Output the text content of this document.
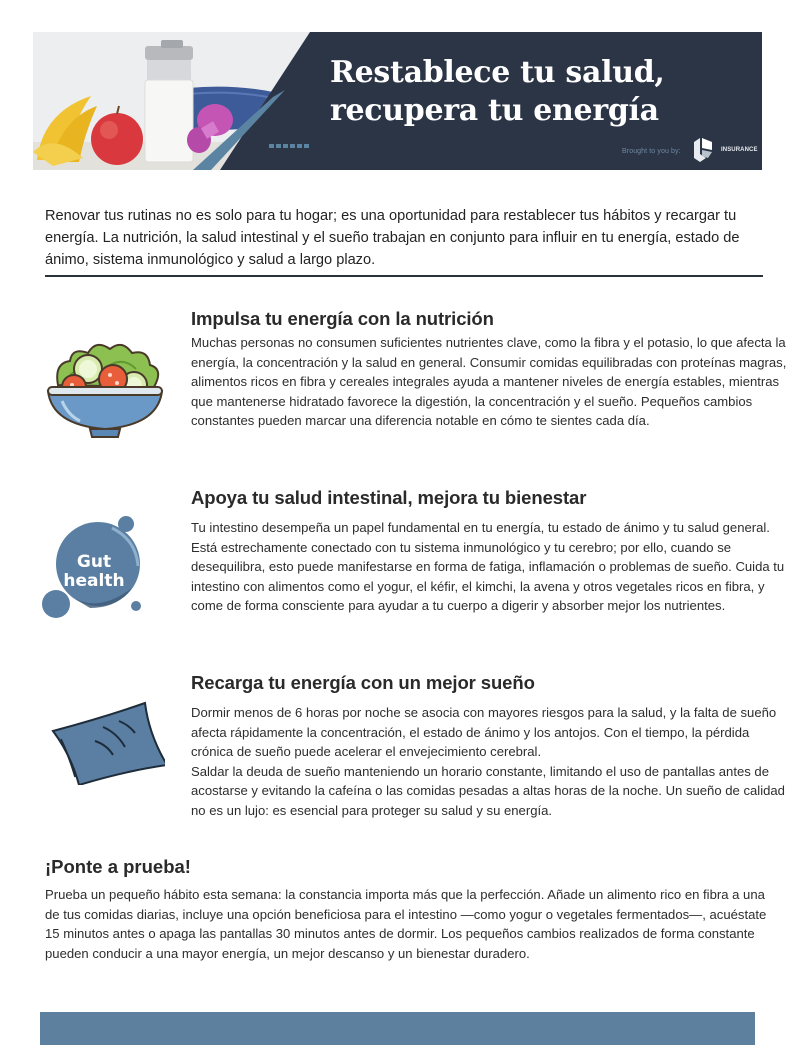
Restablece tu salud,
recupera tu energía
Brought to you by:	INSURANCE

Renovar tus rutinas no es solo para tu hogar; es una oportunidad para restablecer tus hábitos y recargar tu energía. La nutrición, la salud intestinal y el sueño trabajan en conjunto para influir en tu energía, estado de ánimo, sistema inmunológico y salud a largo plazo.

Impulsa tu energía con la nutrición

Muchas personas no consumen suficientes nutrientes clave, como la fibra y el potasio, lo que afecta la energía, la concentración y la salud en general. Consumir comidas equilibradas con proteínas magras, alimentos ricos en fibra y cereales integrales ayuda a mantener niveles de energía estables, mientras que mantenerse hidratado favorece la digestión, la concentración y el sueño. Pequeños cambios constantes pueden marcar una diferencia notable en cómo te sientes cada día.

Gut
health
Apoya tu salud intestinal, mejora tu bienestar

Tu intestino desempeña un papel fundamental en tu energía, tu estado de ánimo y tu salud general. Está estrechamente conectado con tu sistema inmunológico y tu cerebro; por ello, cuando se desequilibra, esto puede manifestarse en forma de fatiga, inflamación o problemas de sueño. Cuida tu intestino con alimentos como el yogur, el kéfir, el kimchi, la avena y otros vegetales ricos en fibra, y come de forma consciente para ayudar a tu cuerpo a digerir y absorber mejor los nutrientes.

Recarga tu energía con un mejor sueño

Dormir menos de 6 horas por noche se asocia con mayores riesgos para la salud, y la falta de sueño afecta rápidamente la concentración, el estado de ánimo y los antojos. Con el tiempo, la pérdida crónica de sueño puede acelerar el envejecimiento cerebral.

Saldar la deuda de sueño manteniendo un horario constante, limitando el uso de pantallas antes de acostarse y evitando la cafeína o las comidas pesadas a altas horas de la noche. Un sueño de calidad no es un lujo: es esencial para proteger su salud y su energía.

¡Ponte a prueba!

Prueba un pequeño hábito esta semana: la constancia importa más que la perfección. Añade un alimento rico en fibra a una de tus comidas diarias, incluye una opción beneficiosa para el intestino —como yogur o vegetales fermentados—, acuéstate 15 minutos antes o apaga las pantallas 30 minutos antes de dormir. Los pequeños cambios realizados de forma constante pueden conducir a una mayor energía, un mejor descanso y un bienestar duradero.
